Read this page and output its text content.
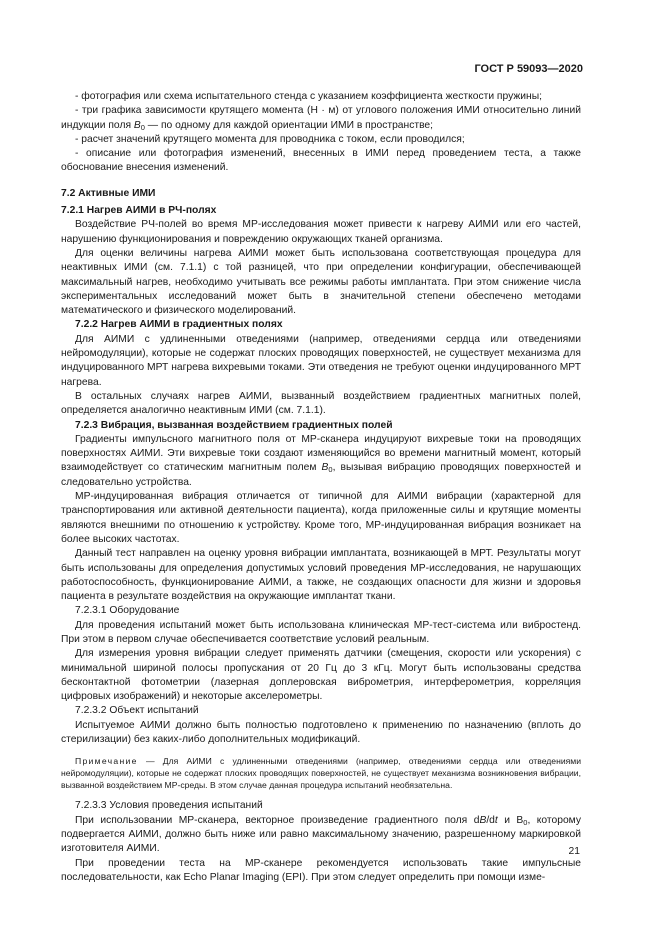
ГОСТ Р 59093—2020

- фотография или схема испытательного стенда с указанием коэффициента жесткости пружины;

- три графика зависимости крутящего момента (Н · м) от углового положения ИМИ относительно линий индукции поля $B_0$ — по одному для каждой ориентации ИМИ в пространстве;

- расчет значений крутящего момента для проводника с током, если проводился;

- описание или фотография изменений, внесенных в ИМИ перед проведением теста, а также обоснование внесения изменений.

7.2 Активные ИМИ

7.2.1 Нагрев АИМИ в РЧ-полях

Воздействие РЧ-полей во время МР-исследования может привести к нагреву АИМИ или его частей, нарушению функционирования и повреждению окружающих тканей организма.

Для оценки величины нагрева АИМИ может быть использована соответствующая процедура для неактивных ИМИ (см. 7.1.1) с той разницей, что при определении конфигурации, обеспечивающей максимальный нагрев, необходимо учитывать все режимы работы имплантата. При этом снижение числа экспериментальных исследований может быть в значительной степени обеспечено методами математического и физического моделирований.

7.2.2 Нагрев АИМИ в градиентных полях

Для АИМИ с удлиненными отведениями (например, отведениями сердца или отведениями нейромодуляции), которые не содержат плоских проводящих поверхностей, не существует механизма для индуцированного МРТ нагрева вихревыми токами. Эти отведения не требуют оценки индуцированного МРТ нагрева.

В остальных случаях нагрев АИМИ, вызванный воздействием градиентных магнитных полей, определяется аналогично неактивным ИМИ (см. 7.1.1).

7.2.3 Вибрация, вызванная воздействием градиентных полей

Градиенты импульсного магнитного поля от МР-сканера индуцируют вихревые токи на проводящих поверхностях АИМИ. Эти вихревые токи создают изменяющийся во времени магнитный момент, который взаимодействует со статическим магнитным полем $B_0$, вызывая вибрацию проводящих поверхностей и следовательно устройства.

МР-индуцированная вибрация отличается от типичной для АИМИ вибрации (характерной для транспортирования или активной деятельности пациента), когда приложенные силы и крутящие моменты являются внешними по отношению к устройству. Кроме того, МР-индуцированная вибрация возникает на более высоких частотах.

Данный тест направлен на оценку уровня вибрации имплантата, возникающей в МРТ. Результаты могут быть использованы для определения допустимых условий проведения МР-исследования, не нарушающих работоспособность, функционирование АИМИ, а также, не создающих опасности для жизни и здоровья пациента в результате воздействия на окружающие имплантат ткани.

7.2.3.1 Оборудование

Для проведения испытаний может быть использована клиническая МР-тест-система или вибростенд. При этом в первом случае обеспечивается соответствие условий реальным.

Для измерения уровня вибрации следует применять датчики (смещения, скорости или ускорения) с минимальной шириной полосы пропускания от 20 Гц до 3 кГц. Могут быть использованы средства бесконтактной фотометрии (лазерная доплеровская виброметрия, интерферометрия, корреляция цифровых изображений) и некоторые акселерометры.

7.2.3.2 Объект испытаний

Испытуемое АИМИ должно быть полностью подготовлено к применению по назначению (вплоть до стерилизации) без каких-либо дополнительных модификаций.

Примечание — Для АИМИ с удлиненными отведениями (например, отведениями сердца или отведениями нейромодуляции), которые не содержат плоских проводящих поверхностей, не существует механизма возникновения вибрации, вызванной воздействием МР-среды. В этом случае данная процедура испытаний необязательна.

7.2.3.3 Условия проведения испытаний

При использовании МР-сканера, векторное произведение градиентного поля dB/dt и $B_0$, которому подвергается АИМИ, должно быть ниже или равно максимальному значению, разрешенному маркировкой изготовителя АИМИ.

При проведении теста на МР-сканере рекомендуется использовать такие импульсные последовательности, как Echo Planar Imaging (EPI). При этом следует определить при помощи изме-

21
